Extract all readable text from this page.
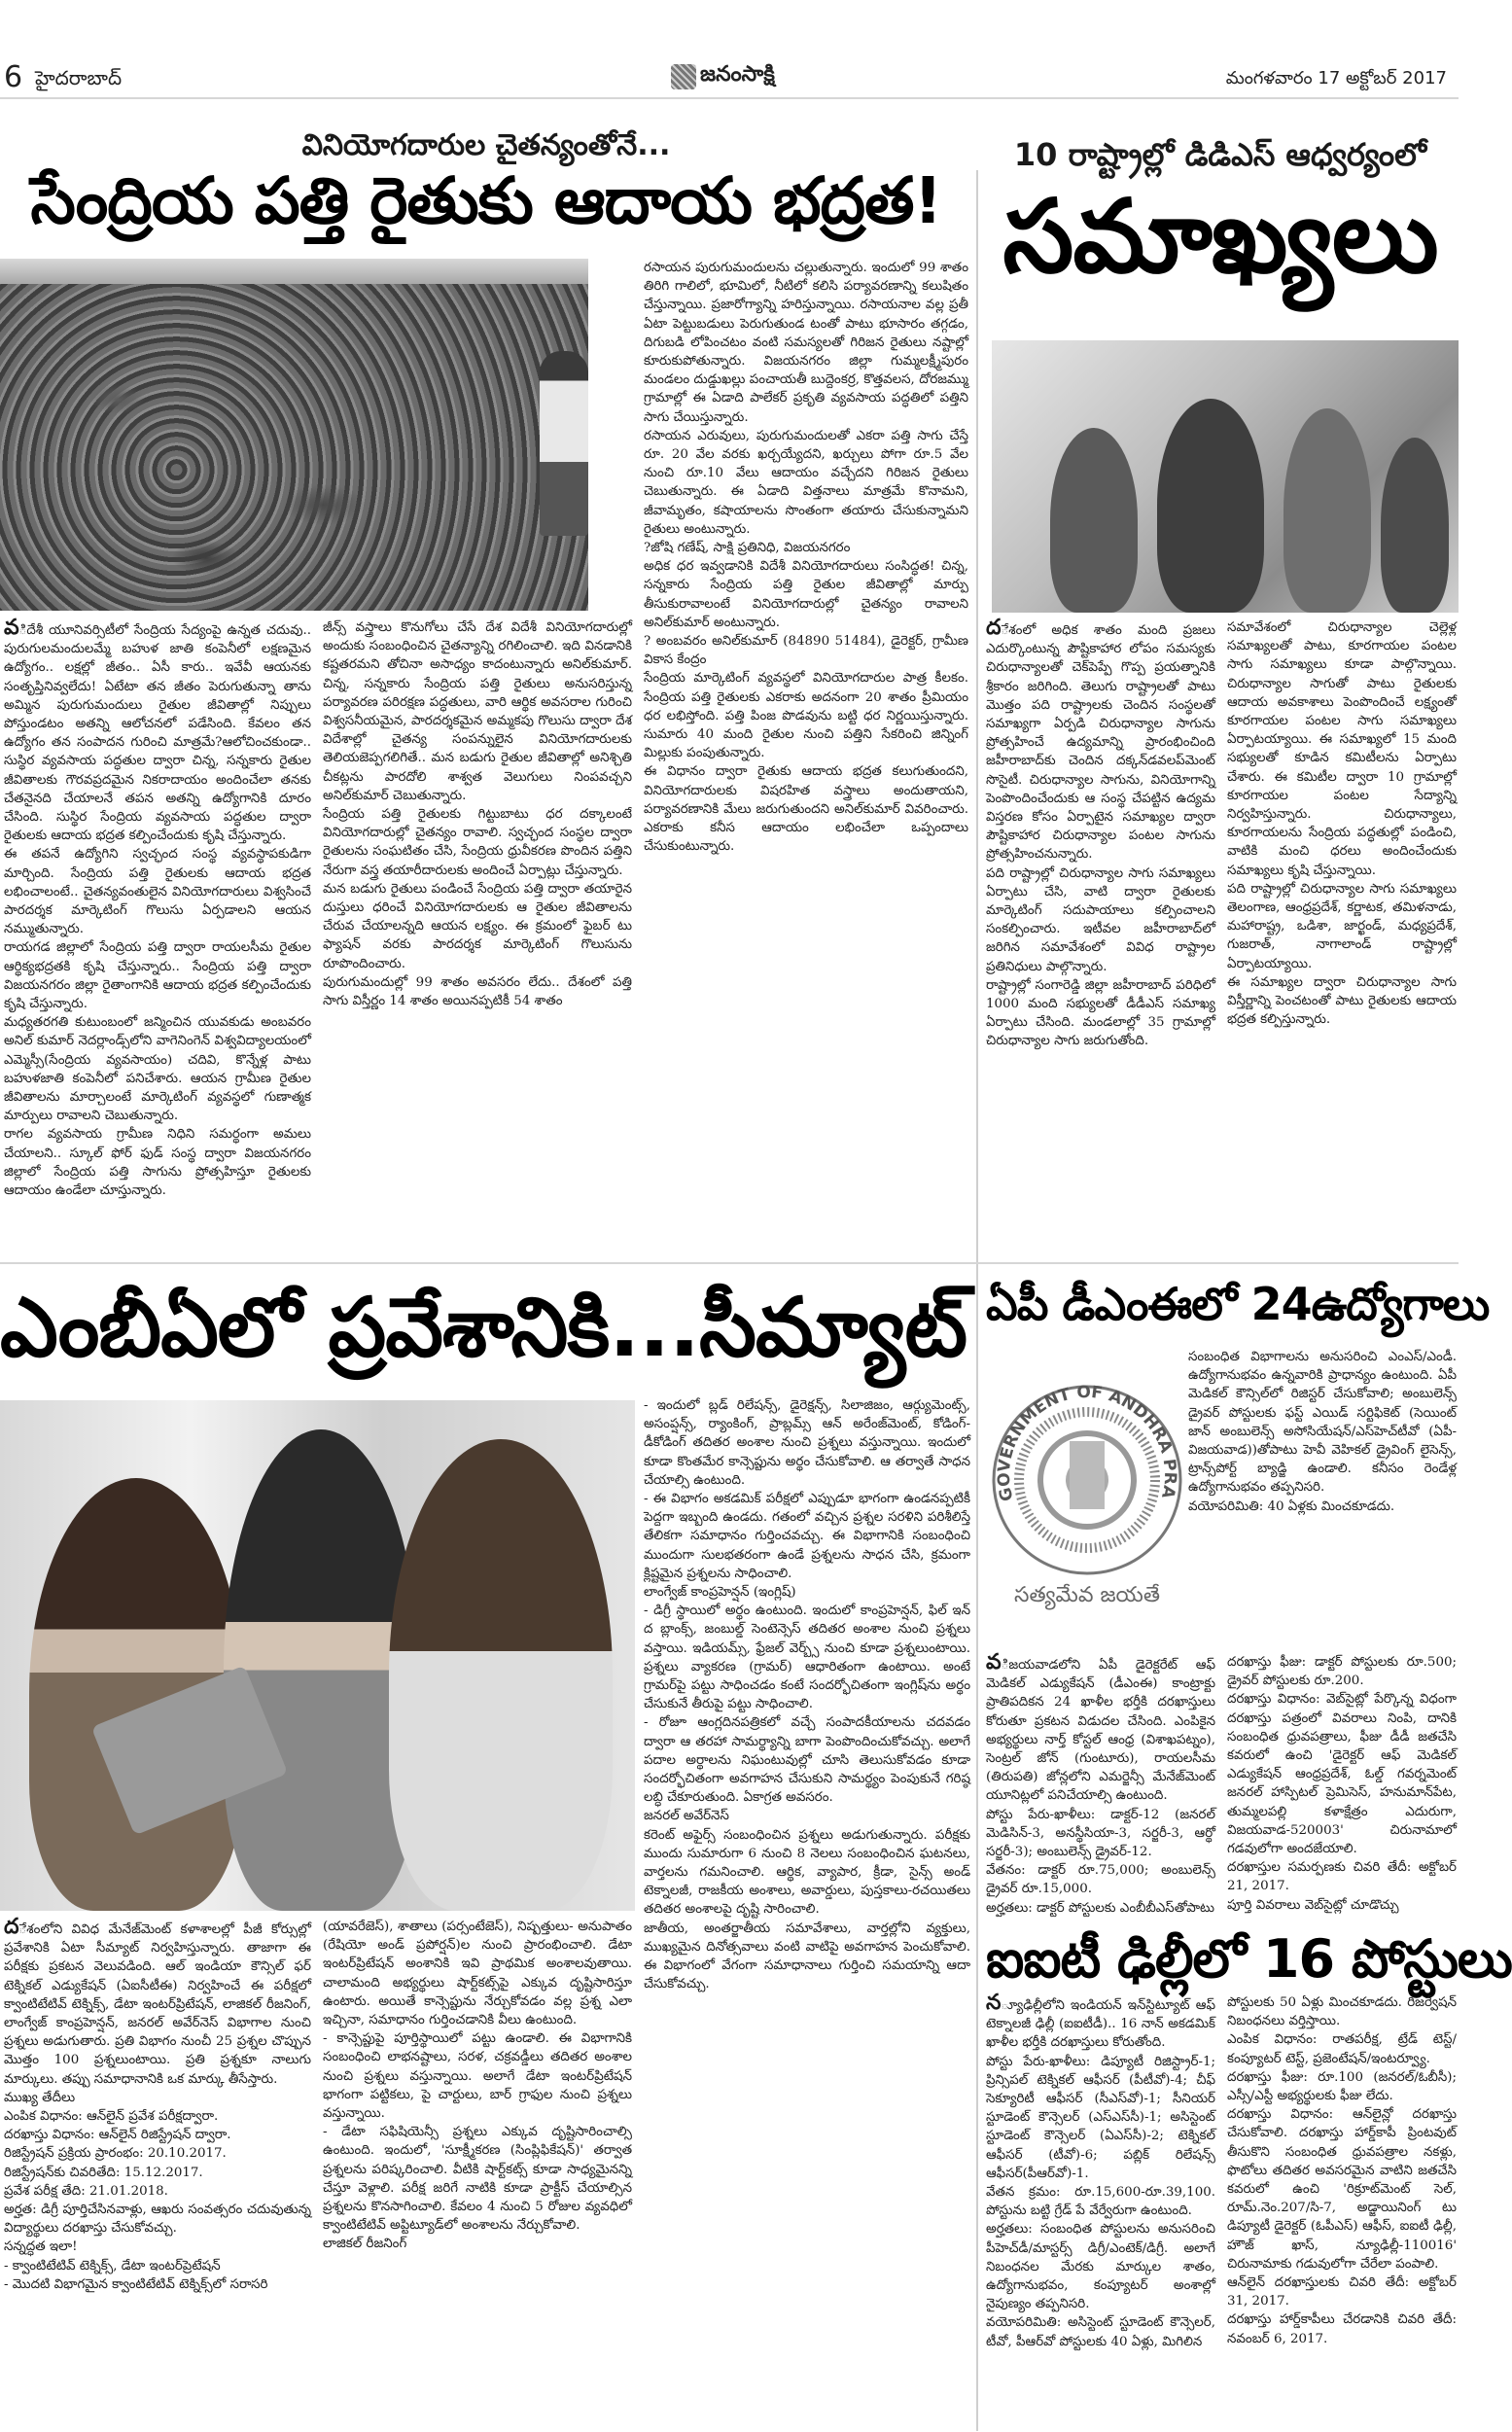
6 హైదరాబాద్	జనంసాక్షి	మంగళవారం 17 అక్టోబర్ 2017
వినియోగదారుల చైతన్యంతోనే...
సేంద్రియ పత్తి రైతుకు ఆదాయ భద్రత!

విదేశీ యూనివర్సిటీలో సేంద్రియ సేద్యంపై ఉన్నత చదువు.. పురుగులమందులమ్మే బహుళ జాతి కంపెనీలో లక్షణమైన ఉద్యోగం.. లక్షల్లో జీతం.. ఏసీ కారు.. ఇవేవీ ఆయనకు సంతృప్తినివ్వలేదు! ఏటేటా తన జీతం పెరుగుతున్నా తాను అమ్మిన పురుగుమందులు రైతుల జీవితాల్లో నిప్పులు పోస్తుండటం అతన్ని ఆలోచనలో పడేసింది. కేవలం తన ఉద్యోగం తన సంపాదన గురించి మాత్రమే?ఆలోచించకుండా.. సుస్థిర వ్యవసాయ పద్ధతుల ద్వారా చిన్న, సన్నకారు రైతుల జీవితాలకు గౌరవప్రదమైన నికరాదాయం అందించేలా తనకు చేతనైనది చేయాలనే తపన అతన్ని ఉద్యోగానికి దూరం చేసింది. సుస్థిర సేంద్రియ వ్యవసాయ పద్ధతుల ద్వారా రైతులకు ఆదాయ భద్రత కల్పించేందుకు కృషి చేస్తున్నారు.

ఈ తపనే ఉద్యోగిని స్వచ్ఛంద సంస్థ వ్యవస్థాపకుడిగా మార్చింది. సేంద్రియ పత్తి రైతులకు ఆదాయ భద్రత లభించాలంటే.. చైతన్యవంతులైన వినియోగదారులు విశ్వసించే పారదర్శక మార్కెటింగ్ గొలుసు ఏర్పడాలని ఆయన నమ్ముతున్నారు.

రాయగడ జిల్లాలో సేంద్రియ పత్తి ద్వారా రాయలసీమ రైతుల ఆర్థిక్యభద్రతకి కృషి చేస్తున్నారు.. సేంద్రియ పత్తి ద్వారా విజయనగరం జిల్లా రైతాంగానికి ఆదాయ భద్రత కల్పించేందుకు కృషి చేస్తున్నారు.

మధ్యతరగతి కుటుంబంలో జన్మించిన యువకుడు అంబవరం అనిల్ కుమార్ నెదర్లాండ్స్‌లోని వాగెనింగెన్ విశ్వవిద్యాలయంలో ఎమ్మెస్సీ(సేంద్రియ వ్యవసాయం) చదివి, కొన్నేళ్ల పాటు బహుళజాతి కంపెనీలో పనిచేశారు. ఆయన గ్రామీణ రైతుల జీవితాలను మార్చాలంటే మార్కెటింగ్ వ్యవస్థలో గుణాత్మక మార్పులు రావాలని చెబుతున్నారు.

రాగల వ్యవసాయ గ్రామీణ నిధిని సమర్థంగా అమలు చేయాలని.. స్కూల్ ఫోర్ ఫుడ్ సంస్థ ద్వారా విజయనగరం జిల్లాలో సేంద్రియ పత్తి సాగును ప్రోత్సహిస్తూ రైతులకు ఆదాయం ఉండేలా చూస్తున్నారు.

జీన్స్ వస్త్రాలు కొనుగోలు చేసే దేశ విదేశీ వినియోగదారుల్లో అందుకు సంబంధించిన చైతన్యాన్ని రగిలించాలి. ఇది వినడానికి కష్టతరమని తోచినా అసాధ్యం కాదంటున్నారు అనిల్‌కుమార్. చిన్న, సన్నకారు సేంద్రియ పత్తి రైతులు అనుసరిస్తున్న పర్యావరణ పరిరక్షణ పద్ధతులు, వారి ఆర్థిక అవసరాల గురించి విశ్వసనీయమైన, పారదర్శకమైన అమ్మకపు గొలుసు ద్వారా దేశ విదేశాల్లో చైతన్య సంపన్నులైన వినియోగదారులకు తెలియజెప్పగలిగితే.. మన బడుగు రైతుల జీవితాల్లో అనిశ్చితి చీకట్లను పారదోలి శాశ్వత వెలుగులు నింపవచ్చని అనిల్‌కుమార్ చెబుతున్నారు.

సేంద్రియ పత్తి రైతులకు గిట్టుబాటు ధర దక్కాలంటే వినియోగదారుల్లో చైతన్యం రావాలి. స్వచ్ఛంద సంస్థల ద్వారా రైతులను సంఘటితం చేసి, సేంద్రియ ధ్రువీకరణ పొందిన పత్తిని నేరుగా వస్త్ర తయారీదారులకు అందించే ఏర్పాట్లు చేస్తున్నారు.

మన బడుగు రైతులు పండించే సేంద్రియ పత్తి ద్వారా తయారైన దుస్తులు ధరించే వినియోగదారులకు ఆ రైతుల జీవితాలను చేరువ చేయాలన్నది ఆయన లక్ష్యం. ఈ క్రమంలో ఫైబర్ టు ఫ్యాషన్ వరకు పారదర్శక మార్కెటింగ్ గొలుసును రూపొందించారు.

పురుగుమందుల్లో 99 శాతం అవసరం లేదు.. దేశంలో పత్తి సాగు విస్తీర్ణం 14 శాతం అయినప్పటికీ 54 శాతం

రసాయన పురుగుమందులను చల్లుతున్నారు. ఇందులో 99 శాతం తిరిగి గాలిలో, భూమిలో, నీటిలో కలిసి పర్యావరణాన్ని కలుషితం చేస్తున్నాయి. ప్రజారోగ్యాన్ని హరిస్తున్నాయి. రసాయనాల వల్ల ప్రతీ ఏటా పెట్టుబడులు పెరుగుతుండ టంతో పాటు భూసారం తగ్గడం, దిగుబడి లోపించటం వంటి సమస్యలతో గిరిజన రైతులు నష్టాల్లో కూరుకుపోతున్నారు. విజయనగరం జిల్లా గుమ్మలక్ష్మీపురం మండలం దుడ్డుఖల్లు పంచాయతీ బుద్దెంకర్ర, కొత్తవలస, దోరజమ్ము గ్రామాల్లో ఈ ఏడాది పాలేకర్ ప్రకృతి వ్యవసాయ పద్ధతిలో పత్తిని సాగు చేయిస్తున్నారు.

రసాయన ఎరువులు, పురుగుమందులతో ఎకరా పత్తి సాగు చేస్తే రూ. 20 వేల వరకు ఖర్చయ్యేదని, ఖర్చులు పోగా రూ.5 వేల నుంచి రూ.10 వేలు ఆదాయం వచ్చేదని గిరిజన రైతులు చెబుతున్నారు. ఈ ఏడాది విత్తనాలు మాత్రమే కొనామని, జీవామృతం, కషాయాలను సొంతంగా తయారు చేసుకున్నామని రైతులు అంటున్నారు.

?జోషి గణేష్, సాక్షి ప్రతినిధి, విజయనగరం

అధిక ధర ఇవ్వడానికి విదేశీ వినియోగదారులు సంసిద్ధత! చిన్న, సన్నకారు సేంద్రియ పత్తి రైతుల జీవితాల్లో మార్పు తీసుకురావాలంటే వినియోగదారుల్లో చైతన్యం రావాలని అనిల్‌కుమార్ అంటున్నారు.

? అంబవరం అనిల్‌కుమార్ (84890 51484), డైరెక్టర్, గ్రామీణ వికాస కేంద్రం

సేంద్రియ మార్కెటింగ్ వ్యవస్థలో వినియోగదారుల పాత్ర కీలకం. సేంద్రియ పత్తి రైతులకు ఎకరాకు అదనంగా 20 శాతం ప్రీమియం ధర లభిస్తోంది. పత్తి పింజ పొడవును బట్టి ధర నిర్ణయిస్తున్నారు. సుమారు 40 మంది రైతుల నుంచి పత్తిని సేకరించి జిన్నింగ్ మిల్లుకు పంపుతున్నారు.

ఈ విధానం ద్వారా రైతుకు ఆదాయ భద్రత కలుగుతుందని, వినియోగదారులకు విషరహిత వస్త్రాలు అందుతాయని, పర్యావరణానికి మేలు జరుగుతుందని అనిల్‌కుమార్ వివరించారు. ఎకరాకు కనీస ఆదాయం లభించేలా ఒప్పందాలు చేసుకుంటున్నారు.

10 రాష్ట్రాల్లో డిడిఎస్ ఆధ్వర్యంలో
సమాఖ్యలు

దేశంలో అధిక శాతం మంది ప్రజలు ఎదుర్కొంటున్న పౌష్టికాహార లోపం సమస్యకు చిరుధాన్యాలతో చెక్‌పెప్పే గొప్ప ప్రయత్నానికి శ్రీకారం జరిగింది. తెలుగు రాష్ట్రాలతో పాటు మొత్తం పది రాష్ట్రాలకు చెందిన సంస్థలతో సమాఖ్యగా ఏర్పడి చిరుధాన్యాల సాగును ప్రోత్సహించే ఉద్యమాన్ని ప్రారంభించింది జహీరాబాద్‌కు చెందిన దక్కన్‌డవలప్‌మెంట్ సొసైటీ. చిరుధాన్యాల సాగును, వినియోగాన్ని పెంపొందించేందుకు ఆ సంస్థ చేపట్టిన ఉద్యమ విస్తరణ కోసం ఏర్పాటైన సమాఖ్యల ద్వారా పౌష్టికాహార చిరుధాన్యాల పంటల సాగును ప్రోత్సహించనున్నారు.

పది రాష్ట్రాల్లో చిరుధాన్యాల సాగు సమాఖ్యలు ఏర్పాటు చేసి, వాటి ద్వారా రైతులకు మార్కెటింగ్ సదుపాయాలు కల్పించాలని సంకల్పించారు. ఇటీవల జహీరాబాద్‌లో జరిగిన సమావేశంలో వివిధ రాష్ట్రాల ప్రతినిధులు పాల్గొన్నారు.

రాష్ట్రాల్లో సంగారెడ్డి జిల్లా జహీరాబాద్ పరిధిలో 1000 మంది సభ్యులతో డీడీఎస్ సమాఖ్య ఏర్పాటు చేసింది. మండలాల్లో 35 గ్రామాల్లో చిరుధాన్యాల సాగు జరుగుతోంది.

సమావేశంలో చిరుధాన్యాల చెల్లెళ్ల సమాఖ్యలతో పాటు, కూరగాయల పంటల సాగు సమాఖ్యలు కూడా పాల్గొన్నాయి. చిరుధాన్యాల సాగుతో పాటు రైతులకు ఆదాయ అవకాశాలు పెంపొందించే లక్ష్యంతో కూరగాయల పంటల సాగు సమాఖ్యలు ఏర్పాటయ్యాయి. ఈ సమాఖ్యలో 15 మంది సభ్యులతో కూడిన కమిటీలను ఏర్పాటు చేశారు. ఈ కమిటీల ద్వారా 10 గ్రామాల్లో కూరగాయల పంటల సేద్యాన్ని నిర్వహిస్తున్నారు. చిరుధాన్యాలు, కూరగాయలను సేంద్రియ పద్ధతుల్లో పండించి, వాటికి మంచి ధరలు అందించేందుకు సమాఖ్యలు కృషి చేస్తున్నాయి.

పది రాష్ట్రాల్లో చిరుధాన్యాల సాగు సమాఖ్యలు తెలంగాణ, ఆంధ్రప్రదేశ్, కర్ణాటక, తమిళనాడు, మహారాష్ట్ర, ఒడిశా, జార్ఖండ్, మధ్యప్రదేశ్, గుజరాత్, నాగాలాండ్ రాష్ట్రాల్లో ఏర్పాటయ్యాయి.

ఈ సమాఖ్యల ద్వారా చిరుధాన్యాల సాగు విస్తీర్ణాన్ని పెంచటంతో పాటు రైతులకు ఆదాయ భద్రత కల్పిస్తున్నారు.

ఎంబీఏలో ప్రవేశానికి...సీమ్యాట్

- ఇందులో బ్లడ్ రిలేషన్స్, డైరెక్షన్స్, సిలాజిజం, ఆర్గ్యుమెంట్స్, అసంప్షన్స్, ర్యాంకింగ్, ప్రాబ్లమ్స్ ఆన్ అరేంజ్‌మెంట్, కోడింగ్- డీకోడింగ్ తదితర అంశాల నుంచి ప్రశ్నలు వస్తున్నాయి. ఇందులో కూడా కొంతమేర కాన్సెప్టును అర్థం చేసుకోవాలి. ఆ తర్వాతే సాధన చేయాల్సి ఉంటుంది.

- ఈ విభాగం అకడమిక్ పరీక్షలో ఎప్పుడూ భాగంగా ఉండనప్పటికీ పెద్దగా ఇబ్బంది ఉండదు. గతంలో వచ్చిన ప్రశ్నల సరళిని పరిశీలిస్తే తేలికగా సమాధానం గుర్తించవచ్చు. ఈ విభాగానికి సంబంధించి ముందుగా సులభతరంగా ఉండే ప్రశ్నలను సాధన చేసి, క్రమంగా క్లిష్టమైన ప్రశ్నలను సాధించాలి.

లాంగ్వేజ్ కాంప్రహెన్షన్ (ఇంగ్లిష్)

- డిగ్రీ స్థాయిలో అర్థం ఉంటుంది. ఇందులో కాంప్రహెన్షన్, ఫిల్ ఇన్ ద బ్లాంక్స్, జంబుల్డ్ సెంటెన్సెస్ తదితర అంశాల నుంచి ప్రశ్నలు వస్తాయి. ఇడియమ్స్, ఫ్రేజల్ వెర్బ్స్ నుంచి కూడా ప్రశ్నలుంటాయి. ప్రశ్నలు వ్యాకరణ (గ్రామర్) ఆధారితంగా ఉంటాయి. అంటే గ్రామర్‌పై పట్టు సాధించడం కంటే సందర్భోచితంగా ఇంగ్లిష్‌ను అర్థం చేసుకునే తీరుపై పట్టు సాధించాలి.

- రోజూ ఆంగ్లదినపత్రికలో వచ్చే సంపాదకీయాలను చదవడం ద్వారా ఆ తరహా సామర్థ్యాన్ని బాగా పెంపొందించుకోవచ్చు. అలాగే పదాల అర్థాలను నిఘంటువుల్లో చూసి తెలుసుకోవడం కూడా సందర్భోచితంగా అవగాహన చేసుకుని సామర్థ్యం పెంపుకునే గరిష్ఠ లబ్ధి చేకూరుతుంది. ఏకాగ్రత అవసరం.

జనరల్ అవేర్‌నెస్

కరెంట్ అఫైర్స్ సంబంధించిన ప్రశ్నలు అడుగుతున్నారు. పరీక్షకు ముందు సుమారుగా 6 నుంచి 8 నెలలు సంబంధించిన ఘటనలు, వార్తలను గమనించాలి. ఆర్థిక, వ్యాపార, క్రీడా, సైన్స్ అండ్ టెక్నాలజీ, రాజకీయ అంశాలు, అవార్డులు, పుస్తకాలు-రచయితలు తదితర అంశాలపై దృష్టి సారించాలి.

జాతీయ, అంతర్జాతీయ సమావేశాలు, వార్తల్లోని వ్యక్తులు, ముఖ్యమైన దినోత్సవాలు వంటి వాటిపై అవగాహన పెంచుకోవాలి. ఈ విభాగంలో వేగంగా సమాధానాలు గుర్తించి సమయాన్ని ఆదా చేసుకోవచ్చు.

దేశంలోని వివిధ మేనేజ్‌మెంట్ కళాశాలల్లో పీజీ కోర్సుల్లో ప్రవేశానికి ఏటా సీమ్యాట్ నిర్వహిస్తున్నారు. తాజాగా ఈ పరీక్షకు ప్రకటన వెలువడింది. ఆల్ ఇండియా కౌన్సిల్ ఫర్ టెక్నికల్ ఎడ్యుకేషన్ (ఏఐసీటీఈ) నిర్వహించే ఈ పరీక్షలో క్వాంటిటేటివ్ టెక్నిక్స్, డేటా ఇంటర్‌ప్రిటేషన్, లాజికల్ రీజనింగ్, లాంగ్వేజ్ కాంప్రహెన్షన్, జనరల్ అవేర్‌నెస్ విభాగాల నుంచి ప్రశ్నలు అడుగుతారు. ప్రతి విభాగం నుంచీ 25 ప్రశ్నల చొప్పున మొత్తం 100 ప్రశ్నలుంటాయి. ప్రతి ప్రశ్నకూ నాలుగు మార్కులు. తప్పు సమాధానానికి ఒక మార్కు తీసేస్తారు.

ముఖ్య తేదీలు

ఎంపిక విధానం: ఆన్‌లైన్ ప్రవేశ పరీక్షద్వారా.

దరఖాస్తు విధానం: ఆన్‌లైన్ రిజిస్ట్రేషన్ ద్వారా.

రిజిస్ట్రేషన్ ప్రక్రియ ప్రారంభం: 20.10.2017.

రిజిస్ట్రేషన్‌కు చివరితేది: 15.12.2017.

ప్రవేశ పరీక్ష తేది: 21.01.2018.

అర్హత: డిగ్రీ పూర్తిచేసినవాళ్లు, ఆఖరు సంవత్సరం చదువుతున్న విద్యార్థులు దరఖాస్తు చేసుకోవచ్చు.

సన్నద్ధత ఇలా!

- క్వాంటిటేటివ్ టెక్నిక్స్, డేటా ఇంటర్‌ప్రెటేషన్

- మొదటి విభాగమైన క్వాంటిటేటివ్ టెక్నిక్స్‌లో సరాసరి

(యావరేజెస్), శాతాలు (పర్సంటేజెస్), నిష్పత్తులు- అనుపాతం (రేషియో అండ్ ప్రపోర్షన్)ల నుంచి ప్రారంభించాలి. డేటా ఇంటర్‌ప్రిటేషన్ అంశానికి ఇవి ప్రాథమిక అంశాలవుతాయి. చాలామంది అభ్యర్థులు షార్ట్‌కట్స్‌పై ఎక్కువ దృష్టిసారిస్తూ ఉంటారు. అయితే కాన్సెప్టును నేర్చుకోవడం వల్ల ప్రశ్న ఎలా ఇచ్చినా, సమాధానం గుర్తించడానికి వీలు ఉంటుంది.

- కాన్సెప్టుపై పూర్తిస్థాయిలో పట్టు ఉండాలి. ఈ విభాగానికి సంబంధించి లాభనష్టాలు, సరళ, చక్రవడ్డీలు తదితర అంశాల నుంచి ప్రశ్నలు వస్తున్నాయి. అలాగే డేటా ఇంటర్‌ప్రిటేషన్ భాగంగా పట్టికలు, పై చార్టులు, బార్ గ్రాఫుల నుంచి ప్రశ్నలు వస్తున్నాయి.

- డేటా సఫిషియెన్సీ ప్రశ్నలు ఎక్కువ దృష్టిసారించాల్సి ఉంటుంది. ఇందులో, 'సూక్ష్మీకరణ (సింప్లిఫికేషన్)' తర్వాత ప్రశ్నలను పరిష్కరించాలి. వీటికి షార్ట్‌కట్స్ కూడా సాధ్యమైనన్ని చేస్తూ వెళ్లాలి. పరీక్ష జరిగే నాటికి కూడా ప్రాక్టీస్ చేయాల్సిన ప్రశ్నలను కొనసాగించాలి. కేవలం 4 నుంచి 5 రోజుల వ్యవధిలో క్వాంటిటేటివ్ అప్టిట్యూడ్‌లో అంశాలను నేర్చుకోవాలి.

లాజికల్ రీజనింగ్

ఏపీ డీఎంఈలో 24ఉద్యోగాలు
GOVERNMENT OF ANDHRA PRA
సత్యమేవ జయతే

సంబంధిత విభాగాలను అనుసరించి ఎంఎస్/ఎండీ. ఉద్యోగానుభవం ఉన్నవారికి ప్రాధాన్యం ఉంటుంది. ఏపీ మెడికల్ కౌన్సిల్‌లో రిజిస్టర్ చేసుకోవాలి; అంబులెన్స్ డ్రైవర్ పోస్టులకు ఫస్ట్ ఎయిడ్ సర్టిఫికెట్ (సెయింట్ జాన్ అంబులెన్స్ అసోసియేషన్/ఎస్‌హెచ్‌టీవో (ఏపీ-విజయవాడ))తోపాటు హెవీ వెహికల్ డ్రైవింగ్ లైసెన్స్, ట్రాన్స్‌పోర్ట్ బ్యాడ్జి ఉండాలి. కనీసం రెండేళ్ల ఉద్యోగానుభవం తప్పనిసరి.

వయోపరిమితి: 40 ఏళ్లకు మించకూడదు.

విజయవాడలోని ఏపీ డైరెక్టరేట్ ఆఫ్ మెడికల్ ఎడ్యుకేషన్ (డీఎంఈ) కాంట్రాక్టు ప్రాతిపదికన 24 ఖాళీల భర్తీకి దరఖాస్తులు కోరుతూ ప్రకటన విడుదల చేసింది. ఎంపికైన అభ్యర్థులు నార్త్ కోస్టల్ ఆంధ్ర (విశాఖపట్నం), సెంట్రల్ జోన్ (గుంటూరు), రాయలసీమ (తిరుపతి) జోన్లలోని ఎమర్జెన్సీ మేనేజ్‌మెంట్ యూనిట్లలో పనిచేయాల్సి ఉంటుంది.

పోస్టు పేరు-ఖాళీలు: డాక్టర్-12 (జనరల్ మెడిసిన్-3, అనస్థీసియా-3, సర్జరీ-3, ఆర్థో సర్జరీ-3); అంబులెన్స్ డ్రైవర్-12.

వేతనం: డాక్టర్ రూ.75,000; అంబులెన్స్ డ్రైవర్ రూ.15,000.

అర్హతలు: డాక్టర్ పోస్టులకు ఎంబీబీఎస్‌తోపాటు

దరఖాస్తు ఫీజు: డాక్టర్ పోస్టులకు రూ.500; డ్రైవర్ పోస్టులకు రూ.200.

దరఖాస్తు విధానం: వెబ్‌సైట్లో పేర్కొన్న విధంగా దరఖాస్తు పత్రంలో వివరాలు నింపి, దానికి సంబంధిత ధ్రువపత్రాలు, ఫీజు డీడీ జతచేసి కవరులో ఉంచి 'డైరెక్టర్ ఆఫ్ మెడికల్ ఎడ్యుకేషన్ ఆంధ్రప్రదేశ్, ఓల్డ్ గవర్నమెంట్ జనరల్ హాస్పిటల్ ప్రెమిసెస్, హనుమాన్‌పేట, తుమ్మలపల్లి కళాక్షేత్రం ఎదురుగా, విజయవాడ-520003' చిరునామాలో గడవులోగా అందజేయాలి.

దరఖాస్తుల సమర్పణకు చివరి తేదీ: అక్టోబర్ 21, 2017.

పూర్తి వివరాలు వెబ్‌సైట్లో చూడొచ్చు

ఐఐటీ ఢిల్లీలో 16 పోస్టులు

న్యూఢిల్లీలోని ఇండియన్ ఇన్‌స్టిట్యూట్ ఆఫ్ టెక్నాలజీ ఢిల్లీ (ఐఐటీడీ).. 16 నాన్ అకడమిక్ ఖాళీల భర్తీకి దరఖాస్తులు కోరుతోంది.

పోస్టు పేరు-ఖాళీలు: డిప్యూటీ రిజిస్ట్రార్-1; ప్రిన్సిపల్ టెక్నికల్ ఆఫీసర్ (పీటీవో)-4; చీఫ్ సెక్యూరిటీ ఆఫీసర్ (సీఎస్‌వో)-1; సీనియర్ స్టూడెంట్ కౌన్సెలర్ (ఎస్ఎస్‌సీ)-1; అసిస్టెంట్ స్టూడెంట్ కౌన్సెలర్ (ఏఎస్‌సీ)-2; టెక్నికల్ ఆఫీసర్ (టీవో)-6; పబ్లిక్ రిలేషన్స్ ఆఫీసర్(పీఆర్‌వో)-1.

వేతన క్రమం: రూ.15,600-రూ.39,100. పోస్టును బట్టి గ్రేడ్ పే వేర్వేరుగా ఉంటుంది.

అర్హతలు: సంబంధిత పోస్టులను అనుసరించి పీహెచ్‌డీ/మాస్టర్స్ డిగ్రీ/ఎంటెక్/డిగ్రీ. అలాగే నిబంధనల మేరకు మార్కుల శాతం, ఉద్యోగానుభవం, కంప్యూటర్ అంశాల్లో నైపుణ్యం తప్పనిసరి.

వయోపరిమితి: అసిస్టెంట్ స్టూడెంట్ కౌన్సెలర్, టీవో, పీఆర్‌వో పోస్టులకు 40 ఏళ్లు, మిగిలిన

పోస్టులకు 50 ఏళ్లు మించకూడదు. రిజర్వేషన్ నిబంధనలు వర్తిస్తాయి.

ఎంపిక విధానం: రాతపరీక్ష, ట్రేడ్ టెస్ట్/కంప్యూటర్ టెస్ట్, ప్రజెంటేషన్/ఇంటర్వ్యూ.

దరఖాస్తు ఫీజు: రూ.100 (జనరల్/ఓబీసీ); ఎస్సీ/ఎస్టీ అభ్యర్థులకు ఫీజు లేదు.

దరఖాస్తు విధానం: ఆన్‌లైన్లో దరఖాస్తు చేసుకోవాలి. దరఖాస్తు హార్డ్‌కాపీ ప్రింటవుట్ తీసుకొని సంబంధిత ధ్రువపత్రాల నకళ్లు, ఫొటోలు తదితర అవసరమైన వాటిని జతచేసి కవరులో ఉంచి 'రిక్రూట్‌మెంట్ సెల్, రూమ్.నెం.207/సి-7, అడ్జాయినింగ్ టు డిప్యూటీ డైరెక్టర్ (ఓపీఎస్) ఆఫీస్, ఐఐటీ ఢిల్లీ, హౌజ్ ఖాస్, న్యూఢిల్లీ-110016' చిరునామాకు గడువులోగా చేరేలా పంపాలి.

ఆన్‌లైన్ దరఖాస్తులకు చివరి తేదీ: అక్టోబర్ 31, 2017.

దరఖాస్తు హార్డ్‌కాపీలు చేరడానికి చివరి తేదీ: నవంబర్ 6, 2017.
